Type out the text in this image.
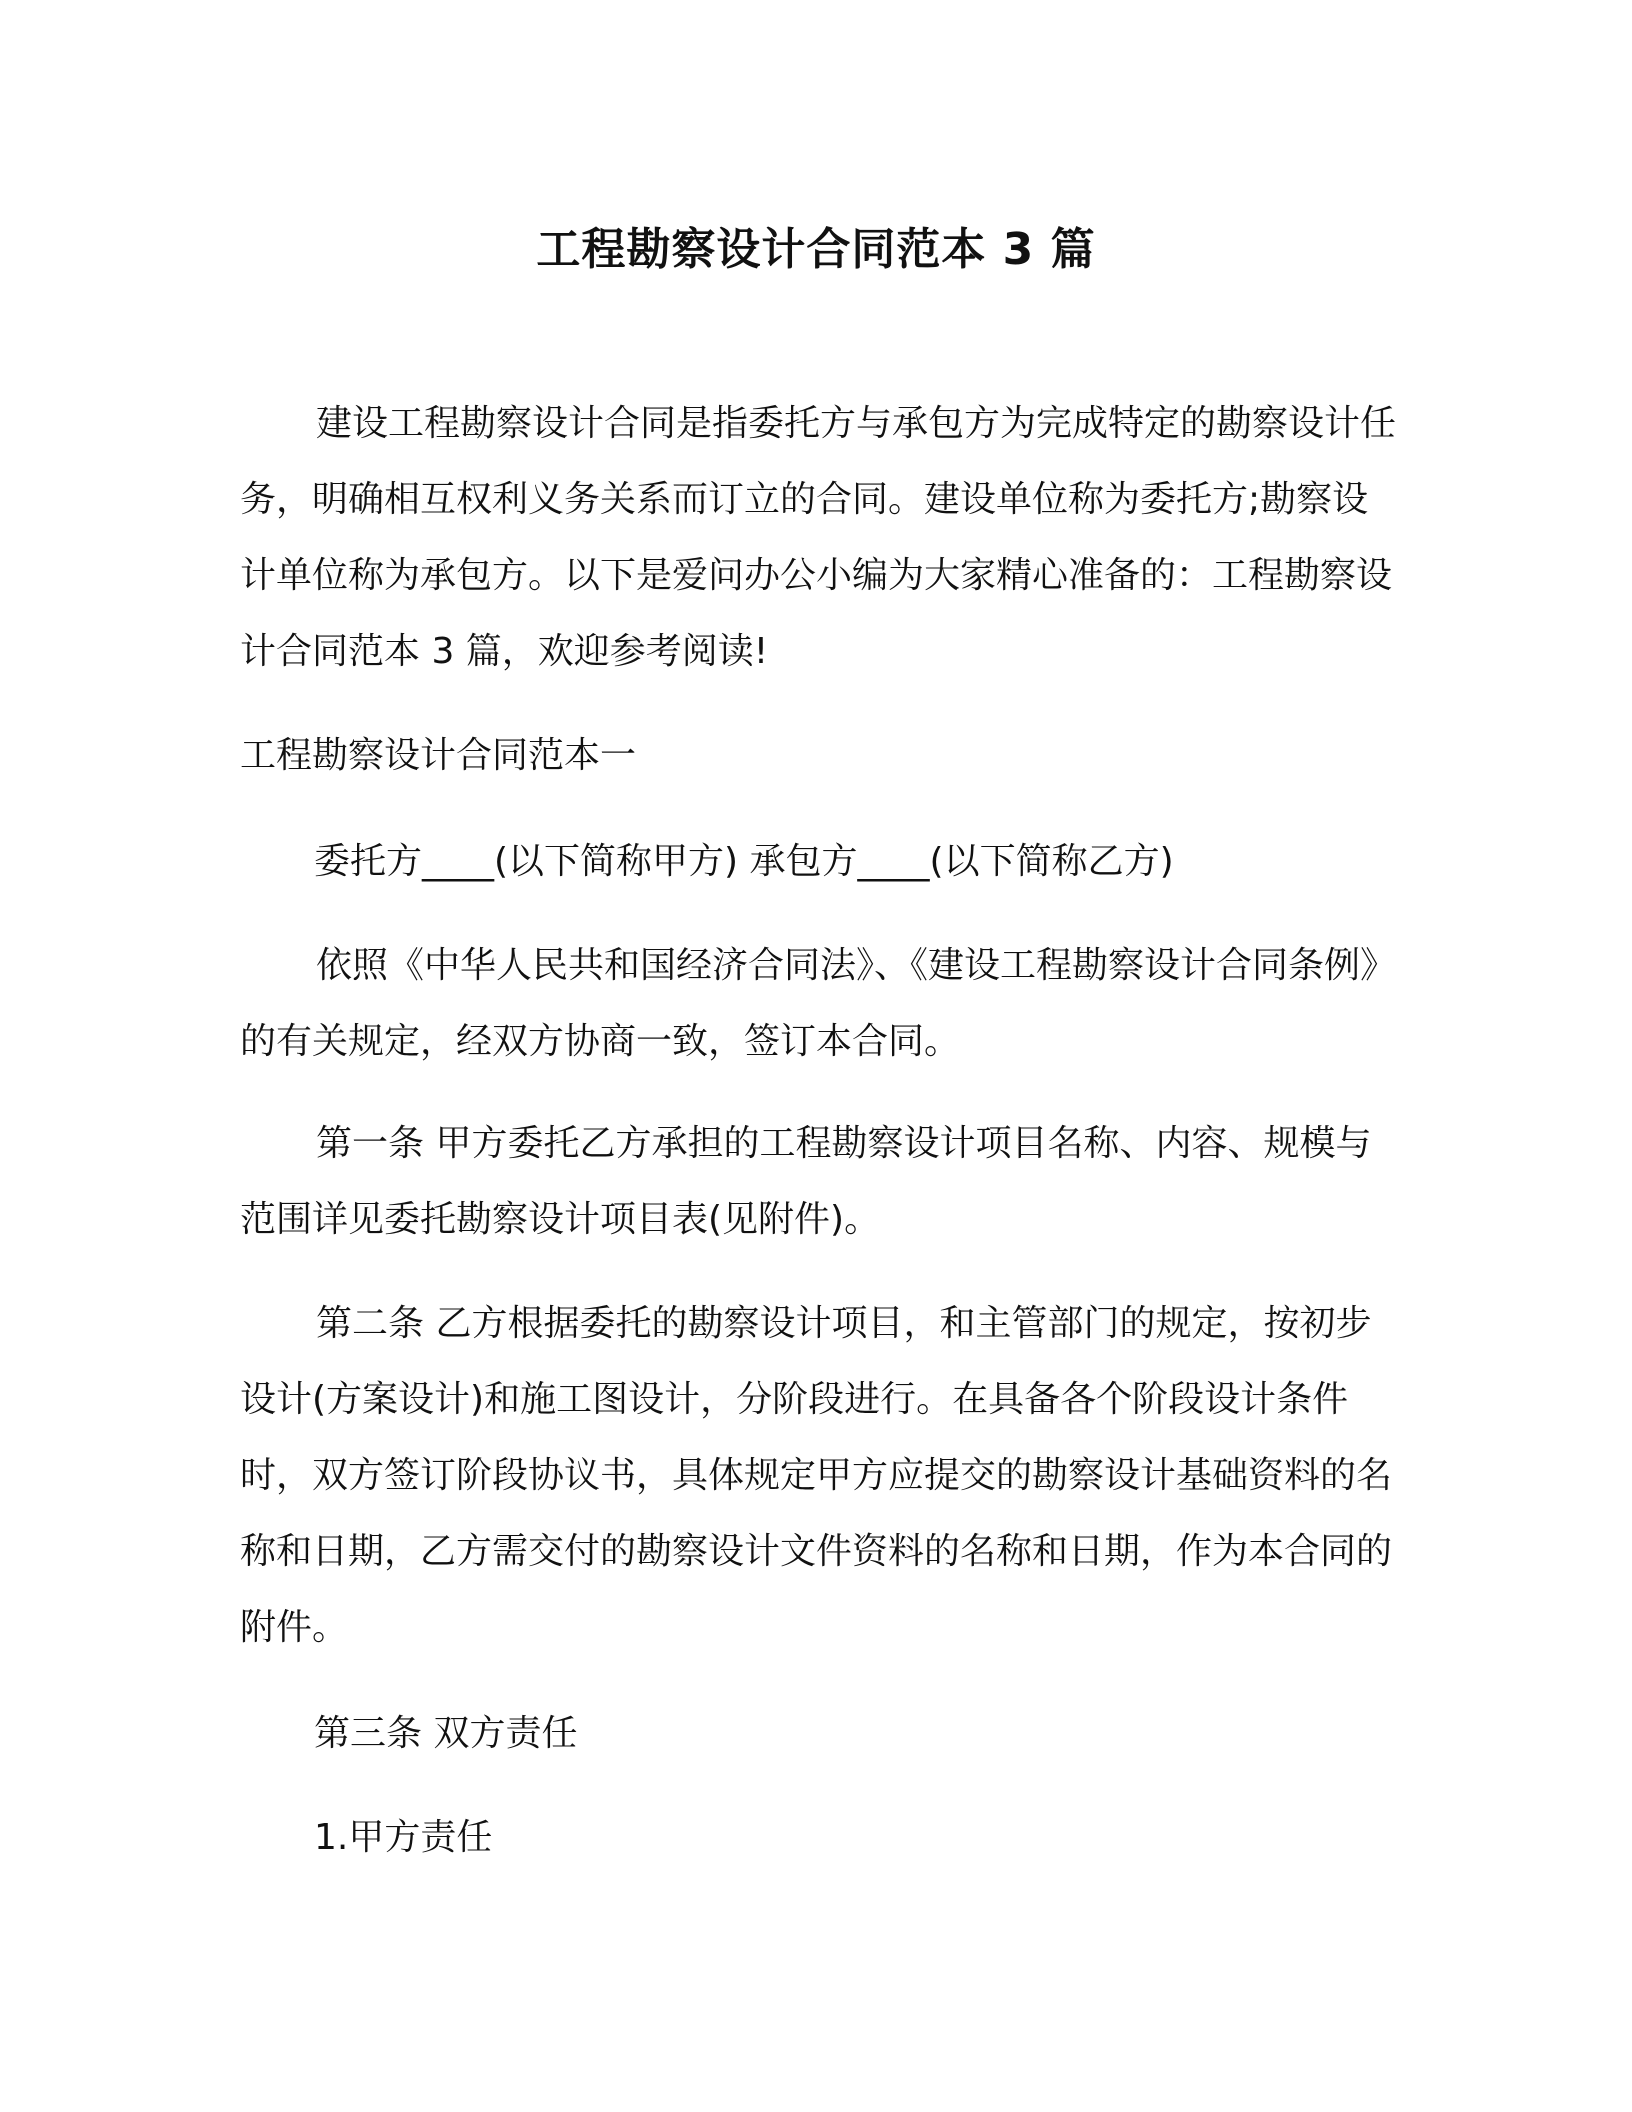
工程勘察设计合同范本 3 篇

建设工程勘察设计合同是指委托方与承包方为完成特定的勘察设计任务，明确相互权利义务关系而订立的合同。建设单位称为委托方;勘察设计单位称为承包方。以下是爱问办公小编为大家精心准备的：工程勘察设计合同范本 3 篇，欢迎参考阅读!

工程勘察设计合同范本一
委托方____(以下简称甲方) 承包方____(以下简称乙方)

依照《中华人民共和国经济合同法》、《建设工程勘察设计合同条例》的有关规定，经双方协商一致，签订本合同。

第一条 甲方委托乙方承担的工程勘察设计项目名称、内容、规模与范围详见委托勘察设计项目表(见附件)。

第二条 乙方根据委托的勘察设计项目，和主管部门的规定，按初步设计(方案设计)和施工图设计，分阶段进行。在具备各个阶段设计条件时，双方签订阶段协议书，具体规定甲方应提交的勘察设计基础资料的名称和日期，乙方需交付的勘察设计文件资料的名称和日期，作为本合同的附件。

第三条 双方责任
1.甲方责任
